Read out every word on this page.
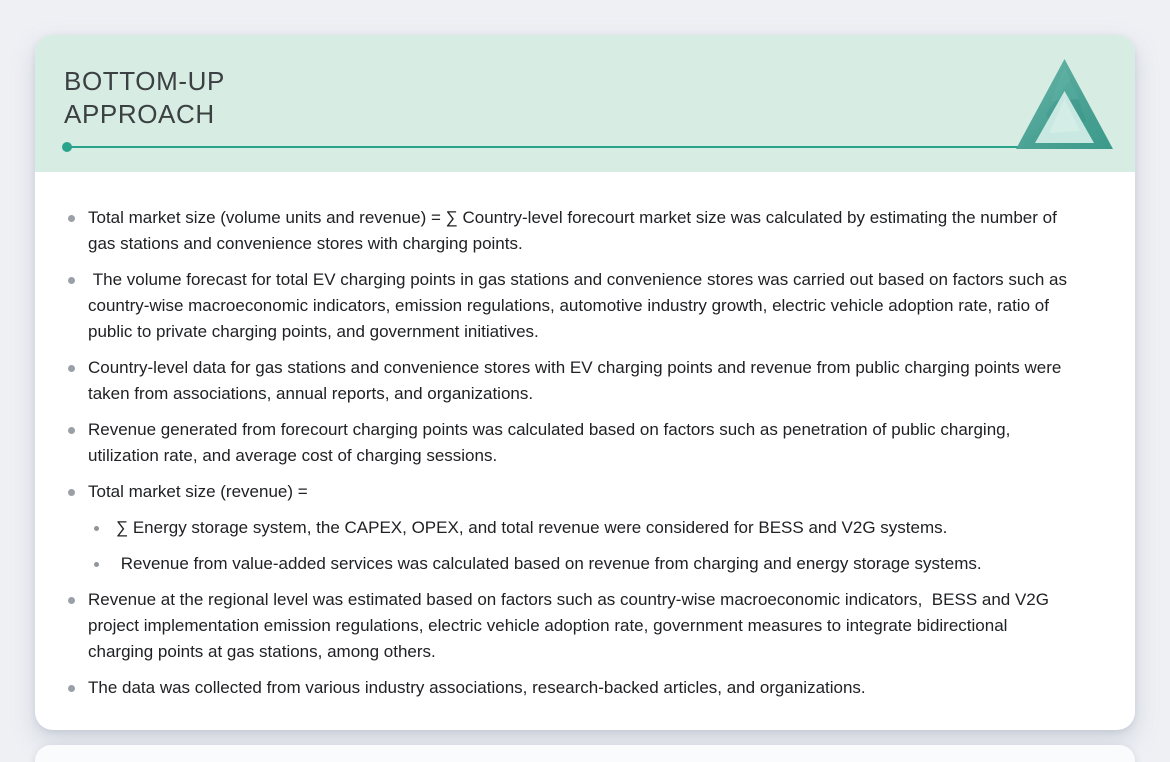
BOTTOM-UP
APPROACH
Total market size (volume units and revenue) = ∑ Country-level forecourt market size was calculated by estimating the number of gas stations and convenience stores with charging points.
The volume forecast for total EV charging points in gas stations and convenience stores was carried out based on factors such as country-wise macroeconomic indicators, emission regulations, automotive industry growth, electric vehicle adoption rate, ratio of public to private charging points, and government initiatives.
Country-level data for gas stations and convenience stores with EV charging points and revenue from public charging points were taken from associations, annual reports, and organizations.
Revenue generated from forecourt charging points was calculated based on factors such as penetration of public charging, utilization rate, and average cost of charging sessions.
Total market size (revenue) =
∑ Energy storage system, the CAPEX, OPEX, and total revenue were considered for BESS and V2G systems.
Revenue from value-added services was calculated based on revenue from charging and energy storage systems.
Revenue at the regional level was estimated based on factors such as country-wise macroeconomic indicators,  BESS and V2G project implementation emission regulations, electric vehicle adoption rate, government measures to integrate bidirectional charging points at gas stations, among others.
The data was collected from various industry associations, research-backed articles, and organizations.
